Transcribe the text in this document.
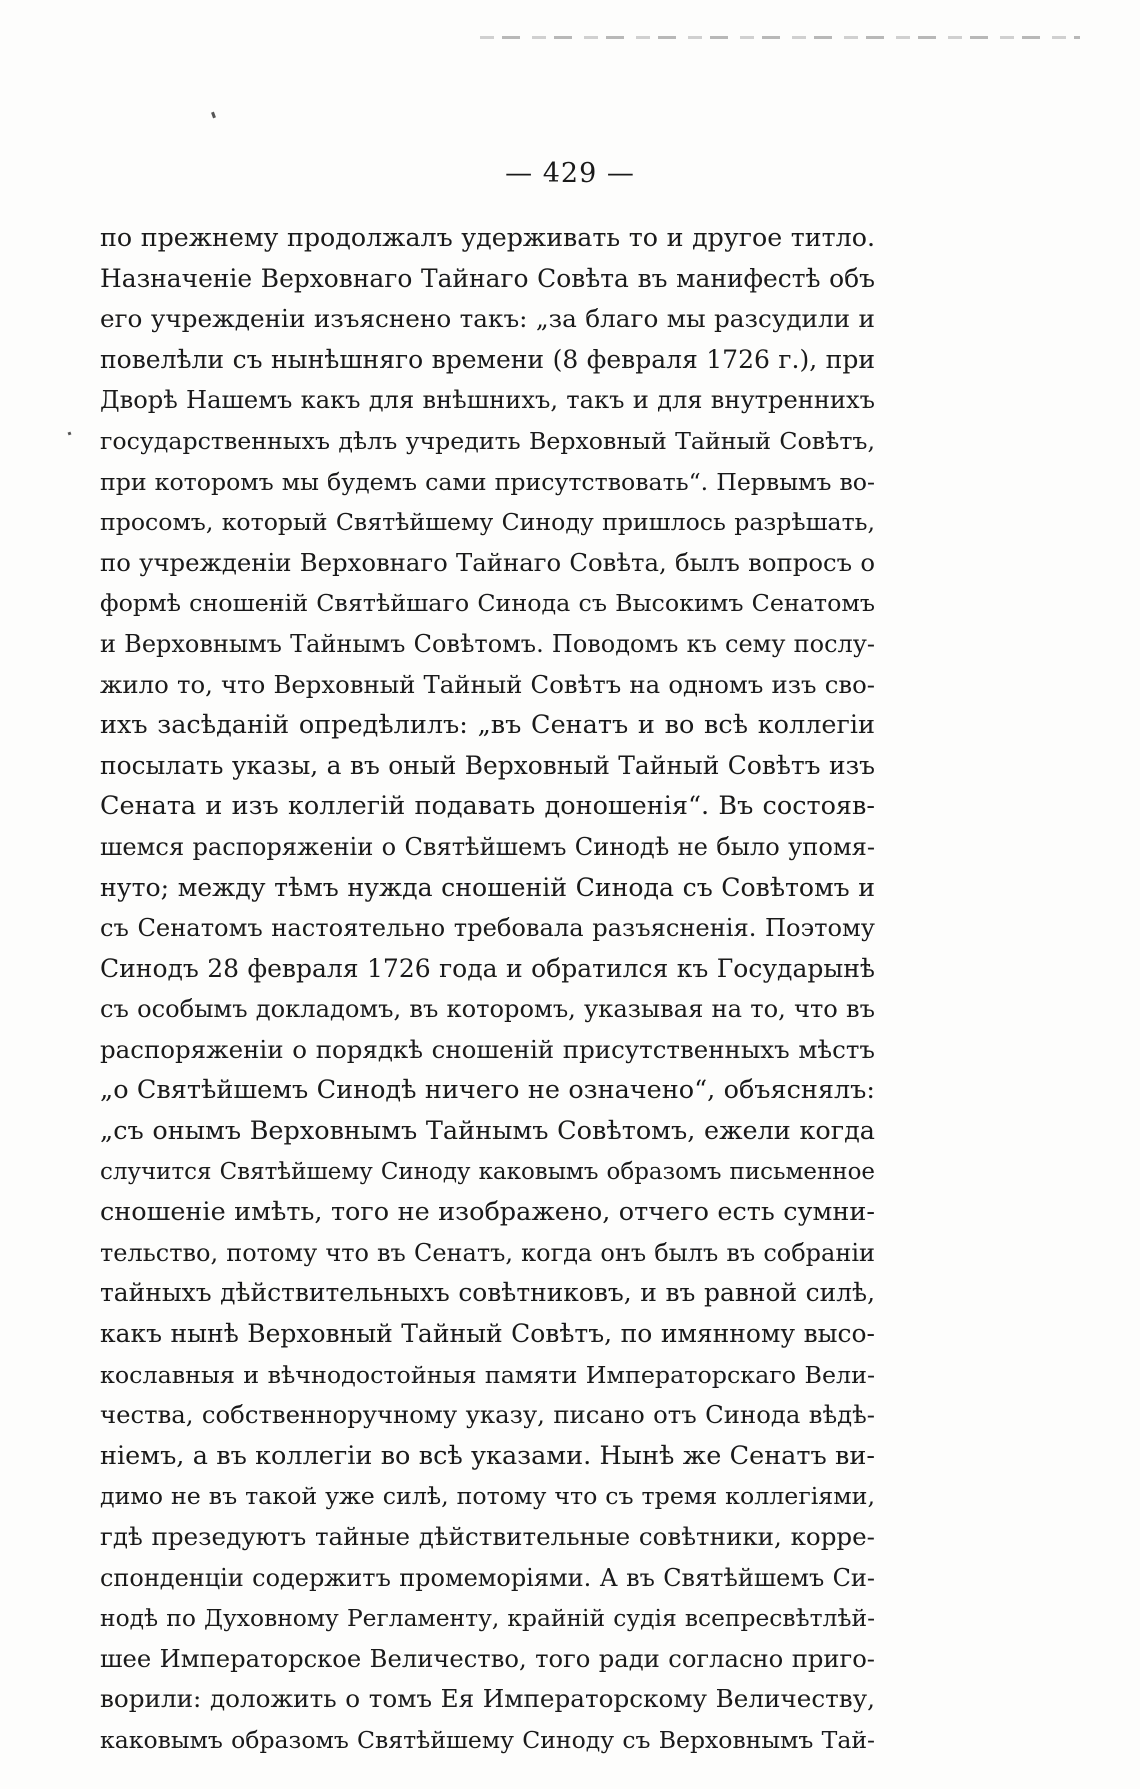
— 429 —
по прежнему продолжалъ удерживать то и другое титло.
Назначеніе Верховнаго Тайнаго Совѣта въ манифестѣ объ
его учрежденіи изъяснено такъ: „за благо мы разсудили и
повелѣли съ нынѣшняго времени (8 февраля 1726 г.), при
Дворѣ Нашемъ какъ для внѣшнихъ, такъ и для внутреннихъ
государственныхъ дѣлъ учредить Верховный Тайный Совѣтъ,
при которомъ мы будемъ сами присутствовать“. Первымъ во-
просомъ, который Святѣйшему Синоду пришлось разрѣшать,
по учрежденіи Верховнаго Тайнаго Совѣта, былъ вопросъ о
формѣ сношеній Святѣйшаго Синода съ Высокимъ Сенатомъ
и Верховнымъ Тайнымъ Совѣтомъ. Поводомъ къ сему послу-
жило то, что Верховный Тайный Совѣтъ на одномъ изъ сво-
ихъ засѣданій опредѣлилъ: „въ Сенатъ и во всѣ коллегіи
посылать указы, а въ оный Верховный Тайный Совѣтъ изъ
Сената и изъ коллегій подавать доношенія“. Въ состояв-
шемся распоряженіи о Святѣйшемъ Синодѣ не было упомя-
нуто; между тѣмъ нужда сношеній Синода съ Совѣтомъ и
съ Сенатомъ настоятельно требовала разъясненія. Поэтому
Синодъ 28 февраля 1726 года и обратился къ Государынѣ
съ особымъ докладомъ, въ которомъ, указывая на то, что въ
распоряженіи о порядкѣ сношеній присутственныхъ мѣстъ
„о Святѣйшемъ Синодѣ ничего не означено“, объяснялъ:
„съ онымъ Верховнымъ Тайнымъ Совѣтомъ, ежели когда
случится Святѣйшему Синоду каковымъ образомъ письменное
сношеніе имѣть, того не изображено, отчего есть сумни-
тельство, потому что въ Сенатъ, когда онъ былъ въ собраніи
тайныхъ дѣйствительныхъ совѣтниковъ, и въ равной силѣ,
какъ нынѣ Верховный Тайный Совѣтъ, по имянному высо-
кославныя и вѣчнодостойныя памяти Императорскаго Вели-
чества, собственноручному указу, писано отъ Синода вѣдѣ-
ніемъ, а въ коллегіи во всѣ указами. Нынѣ же Сенатъ ви-
димо не въ такой уже силѣ, потому что съ тремя коллегіями,
гдѣ презедуютъ тайные дѣйствительные совѣтники, корре-
спонденціи содержитъ промеморіями. А въ Святѣйшемъ Си-
нодѣ по Духовному Регламенту, крайній судія всепресвѣтлѣй-
шее Императорское Величество, того ради согласно приго-
ворили: доложить о томъ Ея Императорскому Величеству,
каковымъ образомъ Святѣйшему Синоду съ Верховнымъ Тай-
